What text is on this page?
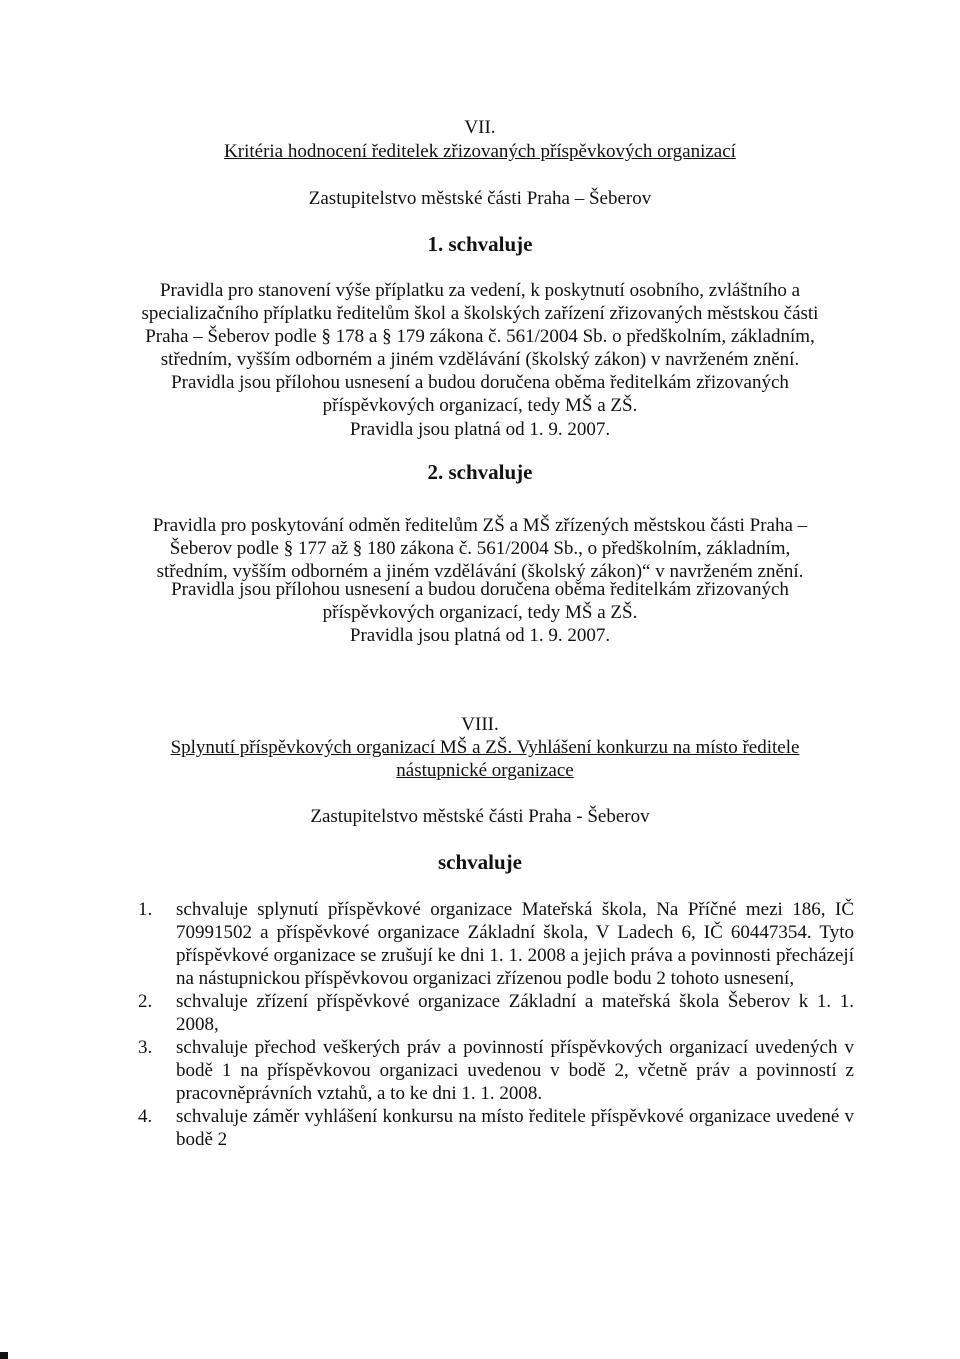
VII.

Kritéria hodnocení ředitelek zřizovaných příspěvkových organizací

Zastupitelstvo městské části Praha – Šeberov

1. schvaluje

Pravidla pro stanovení výše příplatku za vedení, k poskytnutí osobního, zvláštního a specializačního příplatku ředitelům škol a školských zařízení zřizovaných městskou části Praha – Šeberov podle § 178 a § 179 zákona č. 561/2004 Sb. o předškolním, základním, středním, vyšším odborném a jiném vzdělávání (školský zákon) v navrženém znění.

Pravidla jsou přílohou usnesení a budou doručena oběma ředitelkám zřizovaných příspěvkových organizací, tedy MŠ a ZŠ.

Pravidla jsou platná od 1. 9. 2007.

2. schvaluje

Pravidla pro poskytování odměn ředitelům ZŠ a MŠ zřízených městskou části Praha – Šeberov podle § 177 až § 180 zákona č. 561/2004 Sb., o předškolním, základním, středním, vyšším odborném a jiném vzdělávání (školský zákon)“ v navrženém znění.

Pravidla jsou přílohou usnesení a budou doručena oběma ředitelkám zřizovaných příspěvkových organizací, tedy MŠ a ZŠ.

Pravidla jsou platná od 1. 9. 2007.

VIII.

Splynutí příspěvkových organizací MŠ a ZŠ. Vyhlášení konkurzu na místo ředitele nástupnické organizace

Zastupitelstvo městské části Praha - Šeberov

schvaluje

1. schvaluje splynutí příspěvkové organizace Mateřská škola, Na Příčné mezi 186, IČ 70991502 a příspěvkové organizace Základní škola, V Ladech 6, IČ 60447354. Tyto příspěvkové organizace se zrušují ke dni 1. 1. 2008 a jejich práva a povinnosti přecházejí na nástupnickou příspěvkovou organizaci zřízenou podle bodu 2 tohoto usnesení,
2. schvaluje zřízení příspěvkové organizace Základní a mateřská škola Šeberov k 1. 1. 2008,
3. schvaluje přechod veškerých práv a povinností příspěvkových organizací uvedených v bodě 1 na příspěvkovou organizaci uvedenou v bodě 2, včetně práv a povinností z pracovněprávních vztahů, a to ke dni 1. 1. 2008.
4. schvaluje záměr vyhlášení konkursu na místo ředitele příspěvkové organizace uvedené v bodě 2
